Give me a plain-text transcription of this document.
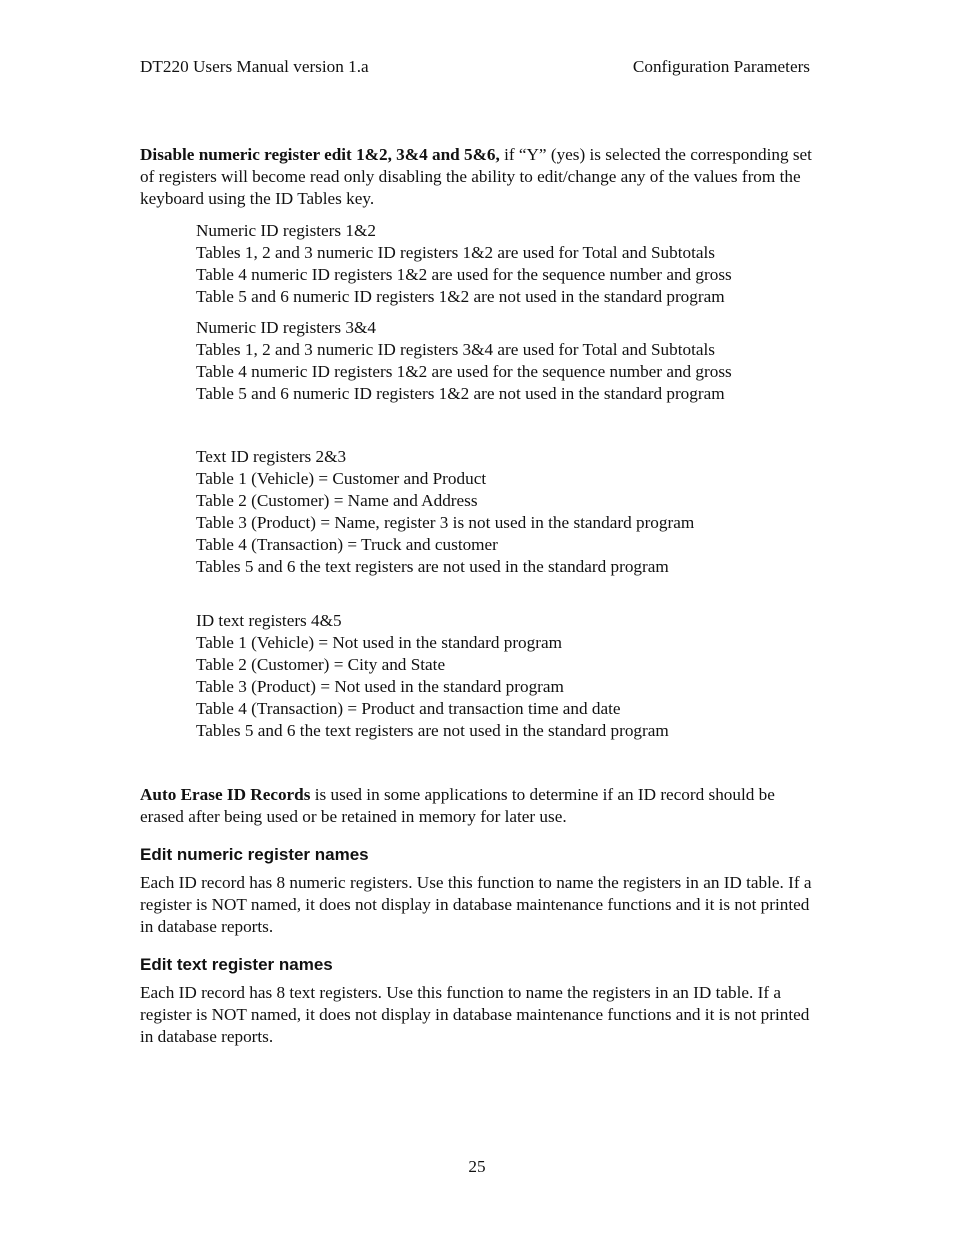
DT220 Users Manual version 1.a	Configuration Parameters
Disable numeric register edit 1&2, 3&4 and 5&6, if “Y” (yes) is selected the corresponding set of registers will become read only disabling the ability to edit/change any of the values from the keyboard using the ID Tables key.
Numeric ID registers 1&2
Tables 1, 2 and 3 numeric ID registers 1&2 are used for Total and Subtotals
Table 4 numeric ID registers 1&2 are used for the sequence number and gross
Table 5 and 6 numeric ID registers 1&2 are not used in the standard program
Numeric ID registers 3&4
Tables 1, 2 and 3 numeric ID registers 3&4 are used for Total and Subtotals
Table 4 numeric ID registers 1&2 are used for the sequence number and gross
Table 5 and 6 numeric ID registers 1&2 are not used in the standard program
Text ID registers 2&3
Table 1 (Vehicle) = Customer and Product
Table 2 (Customer) = Name and Address
Table 3 (Product) = Name, register 3 is not used in the standard program
Table 4 (Transaction) = Truck and customer
Tables 5 and 6 the text registers are not used in the standard program
ID text registers 4&5
Table 1 (Vehicle) = Not used in the standard program
Table 2 (Customer) = City and State
Table 3 (Product) = Not used in the standard program
Table 4 (Transaction) = Product and transaction time and date
Tables 5 and 6 the text registers are not used in the standard program
Auto Erase ID Records is used in some applications to determine if an ID record should be erased after being used or be retained in memory for later use.
Edit numeric register names
Each ID record has 8 numeric registers. Use this function to name the registers in an ID table. If a register is NOT named, it does not display in database maintenance functions and it is not printed in database reports.
Edit text register names
Each ID record has 8 text registers. Use this function to name the registers in an ID table. If a register is NOT named, it does not display in database maintenance functions and it is not printed in database reports.
25
